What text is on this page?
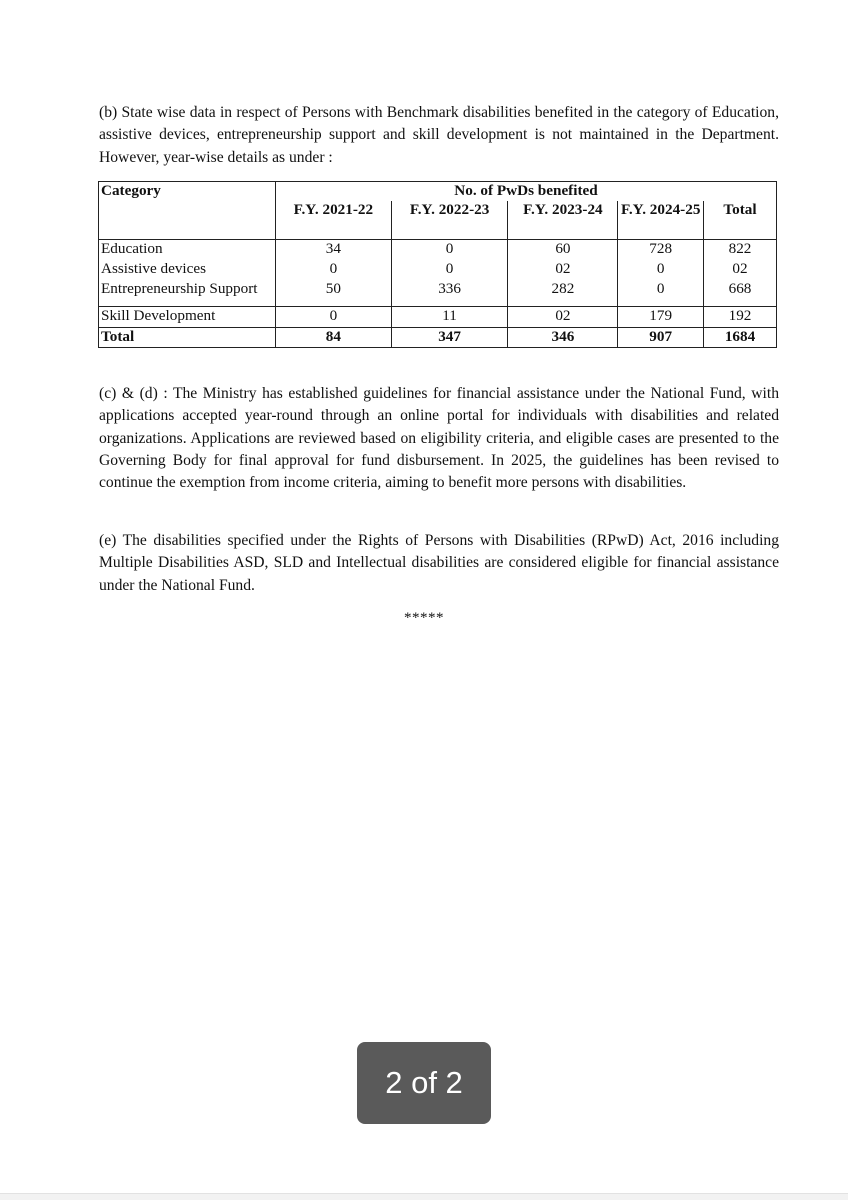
(b) State wise data in respect of Persons with Benchmark disabilities benefited in the category of Education, assistive devices, entrepreneurship support and skill development is not maintained in the Department. However, year-wise details as under :

Category	No. of PwDs benefited				
	F.Y. 2021-22	F.Y. 2022-23	F.Y. 2023-24	F.Y. 2024-25	Total
Education	34	0	60	728	822
Assistive devices	0	0	02	0	02
Entrepreneurship Support	50	336	282	0	668

Skill Development	0	11	02	179	192
Total	84	347	346	907	1684

(c) & (d) : The Ministry has established guidelines for financial assistance under the National Fund, with applications accepted year-round through an online portal for individuals with disabilities and related organizations. Applications are reviewed based on eligibility criteria, and eligible cases are presented to the Governing Body for final approval for fund disbursement. In 2025, the guidelines has been revised to continue the exemption from income criteria, aiming to benefit more persons with disabilities.

(e) The disabilities specified under the Rights of Persons with Disabilities (RPwD) Act, 2016 including Multiple Disabilities ASD, SLD and Intellectual disabilities are considered eligible for financial assistance under the National Fund.

*****
2 of 2
